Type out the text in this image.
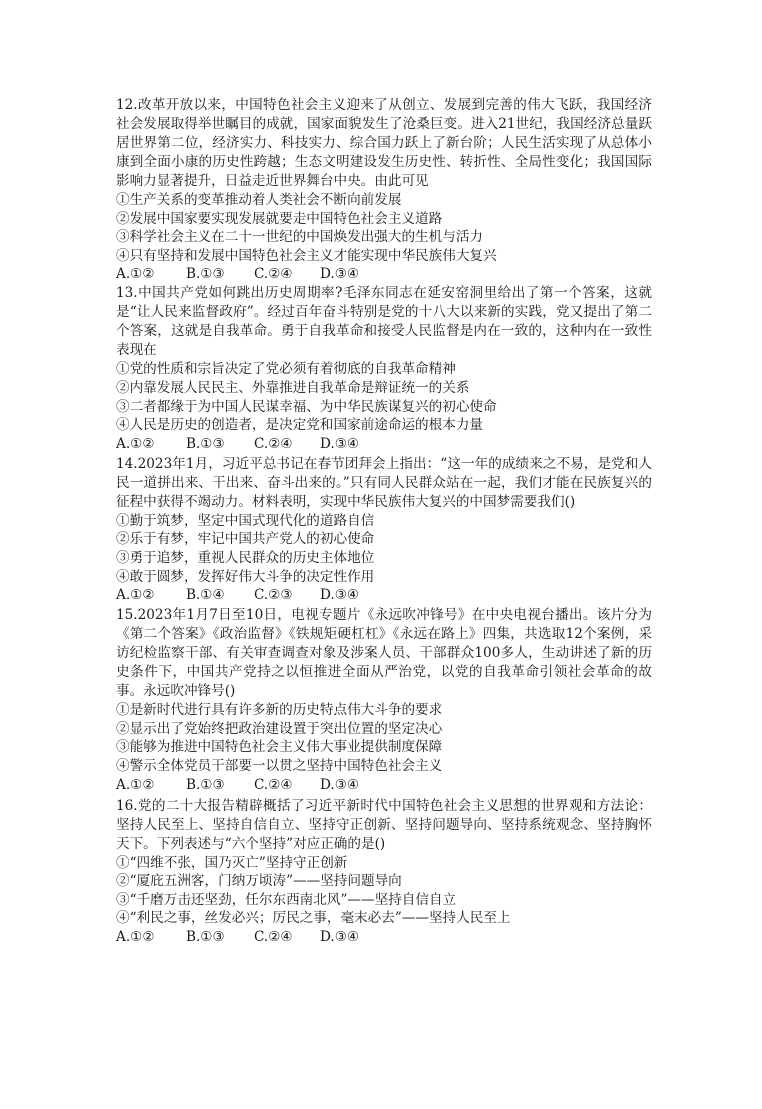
12.改革开放以来，中国特色社会主义迎来了从创立、发展到完善的伟大飞跃，我国经济社会发展取得举世瞩目的成就，国家面貌发生了沧桑巨变。进入21世纪，我国经济总量跃居世界第二位，经济实力、科技实力、综合国力跃上了新台阶；人民生活实现了从总体小康到全面小康的历史性跨越；生态文明建设发生历史性、转折性、全局性变化；我国国际影响力显著提升，日益走近世界舞台中央。由此可见

①生产关系的变革推动着人类社会不断向前发展

②发展中国家要实现发展就要走中国特色社会主义道路

③科学社会主义在二十一世纪的中国焕发出强大的生机与活力

④只有坚持和发展中国特色社会主义才能实现中华民族伟大复兴

A.①② B.①③ C.②④ D.③④

13.中国共产党如何跳出历史周期率?毛泽东同志在延安窑洞里给出了第一个答案，这就是“让人民来监督政府”。经过百年奋斗特别是党的十八大以来新的实践，党又提出了第二个答案，这就是自我革命。勇于自我革命和接受人民监督是内在一致的，这种内在一致性表现在

①党的性质和宗旨决定了党必须有着彻底的自我革命精神

②内靠发展人民民主、外靠推进自我革命是辩证统一的关系

③二者都缘于为中国人民谋幸福、为中华民族谋复兴的初心使命

④人民是历史的创造者，是决定党和国家前途命运的根本力量

A.①② B.①③ C.②④ D.③④

14.2023年1月，习近平总书记在春节团拜会上指出：“这一年的成绩来之不易，是党和人民一道拼出来、干出来、奋斗出来的。”只有同人民群众站在一起，我们才能在民族复兴的征程中获得不竭动力。材料表明，实现中华民族伟大复兴的中国梦需要我们()

①勤于筑梦，坚定中国式现代化的道路自信

②乐于有梦，牢记中国共产党人的初心使命

③勇于追梦，重视人民群众的历史主体地位

④敢于圆梦，发挥好伟大斗争的决定性作用

A.①② B.①④ C.②③ D.③④

15.2023年1月7日至10日，电视专题片《永远吹冲锋号》在中央电视台播出。该片分为《第二个答案》《政治监督》《铁规矩硬杠杠》《永远在路上》四集，共选取12个案例，采访纪检监察干部、有关审查调查对象及涉案人员、干部群众100多人，生动讲述了新的历史条件下，中国共产党持之以恒推进全面从严治党，以党的自我革命引领社会革命的故事。永远吹冲锋号()

①是新时代进行具有许多新的历史特点伟大斗争的要求

②显示出了党始终把政治建设置于突出位置的坚定决心

③能够为推进中国特色社会主义伟大事业提供制度保障

④警示全体党员干部要一以贯之坚持中国特色社会主义

A.①② B.①③ C.②④ D.③④

16.党的二十大报告精辟概括了习近平新时代中国特色社会主义思想的世界观和方法论：坚持人民至上、坚持自信自立、坚持守正创新、坚持问题导向、坚持系统观念、坚持胸怀天下。下列表述与“六个坚持”对应正确的是()

①“四维不张，国乃灭亡”坚持守正创新

②“厦庇五洲客，门纳万顷涛”——坚持问题导向

③“千磨万击还坚劲，任尔东西南北风”——坚持自信自立

④“利民之事，丝发必兴；厉民之事，毫末必去”——坚持人民至上

A.①② B.①③ C.②④ D.③④
